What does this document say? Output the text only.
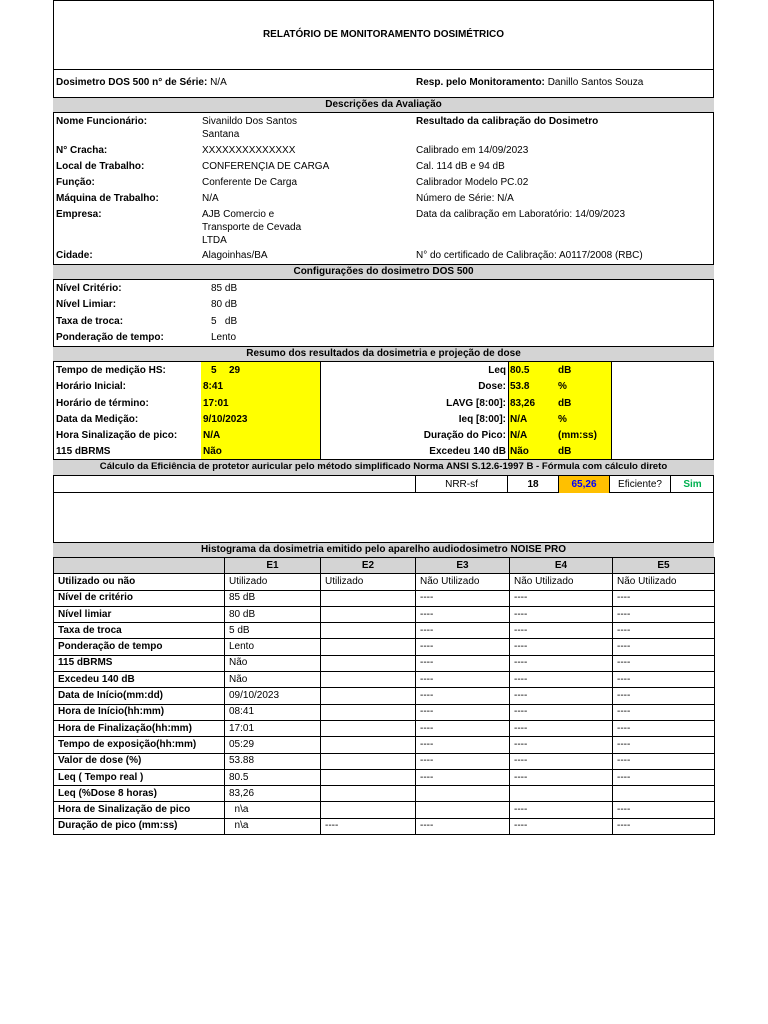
RELATÓRIO DE MONITORAMENTO DOSIMÉTRICO
Dosimetro DOS 500 n° de Série: N/A	Resp. pelo Monitoramento: Danillo Santos Souza
Descrições da Avaliação
Nome Funcionário:	Sivanildo Dos Santos
Santana
N° Cracha:	XXXXXXXXXXXXXX
Local de Trabalho:	CONFERENÇIA DE CARGA
Função:	Conferente De Carga
Máquina de Trabalho:	N/A
Empresa:	AJB Comercio e
Transporte de Cevada
LTDA
Cidade:	Alagoinhas/BA
Resultado da calibração do Dosimetro
Calibrado em 14/09/2023
Cal. 114 dB e 94 dB
Calibrador Modelo PC.02
Número de Série: N/A
Data da calibração em Laboratório: 14/09/2023
N° do certificado de Calibração: A0117/2008 (RBC)
Configurações do dosimetro DOS 500
Nível Critério:	85 dB
Nível Limiar:	80 dB
Taxa de troca:	5   dB
Ponderação de tempo:	Lento
Resumo dos resultados da dosimetria e projeção de dose
Tempo de medição HS:	5 29
Horário Inicial:	8:41
Horário de término:	17:01
Data da Medição:	9/10/2023
Hora Sinalização de pico:	N/A
115 dBRMS	Não
Leq 80.5	dB
Dose: 53.8	%
LAVG [8:00]: 83,26 dB
Ieq [8:00]: N/A	%
Duração do Pico: N/A	(mm:ss)
Excedeu 140 dB Não	dB
Cálculo da Eficiência de protetor auricular pelo método simplificado Norma ANSI S.12.6-1997 B - Fórmula com cálculo direto
NRR-sf	18	65,26	Eficiente?	Sim
Histograma da dosimetria emitido pelo aparelho audiodosimetro NOISE PRO
	E1	E2	E3	E4	E5
Utilizado ou não	Utilizado	Utilizado	Não Utilizado	Não Utilizado	Não Utilizado
Nível de critério	85 dB		----	----	----
Nível limiar	80 dB		----	----	----
Taxa de troca	5 dB		----	----	----
Ponderação de tempo	Lento		----	----	----
115 dBRMS	Não		----	----	----
Excedeu 140 dB	Não		----	----	----
Data de Início(mm:dd)	09/10/2023		----	----	----
Hora de Início(hh:mm)	08:41		----	----	----
Hora de Finalização(hh:mm)	17:01		----	----	----
Tempo de exposição(hh:mm)	05:29		----	----	----
Valor de dose (%)	53.88		----	----	----
Leq ( Tempo real )	80.5		----	----	----
Leq (%Dose 8 horas)	83,26				
Hora de Sinalização de pico	n\a			----	----
Duração de pico (mm:ss)	n\a	----	----	----	----
